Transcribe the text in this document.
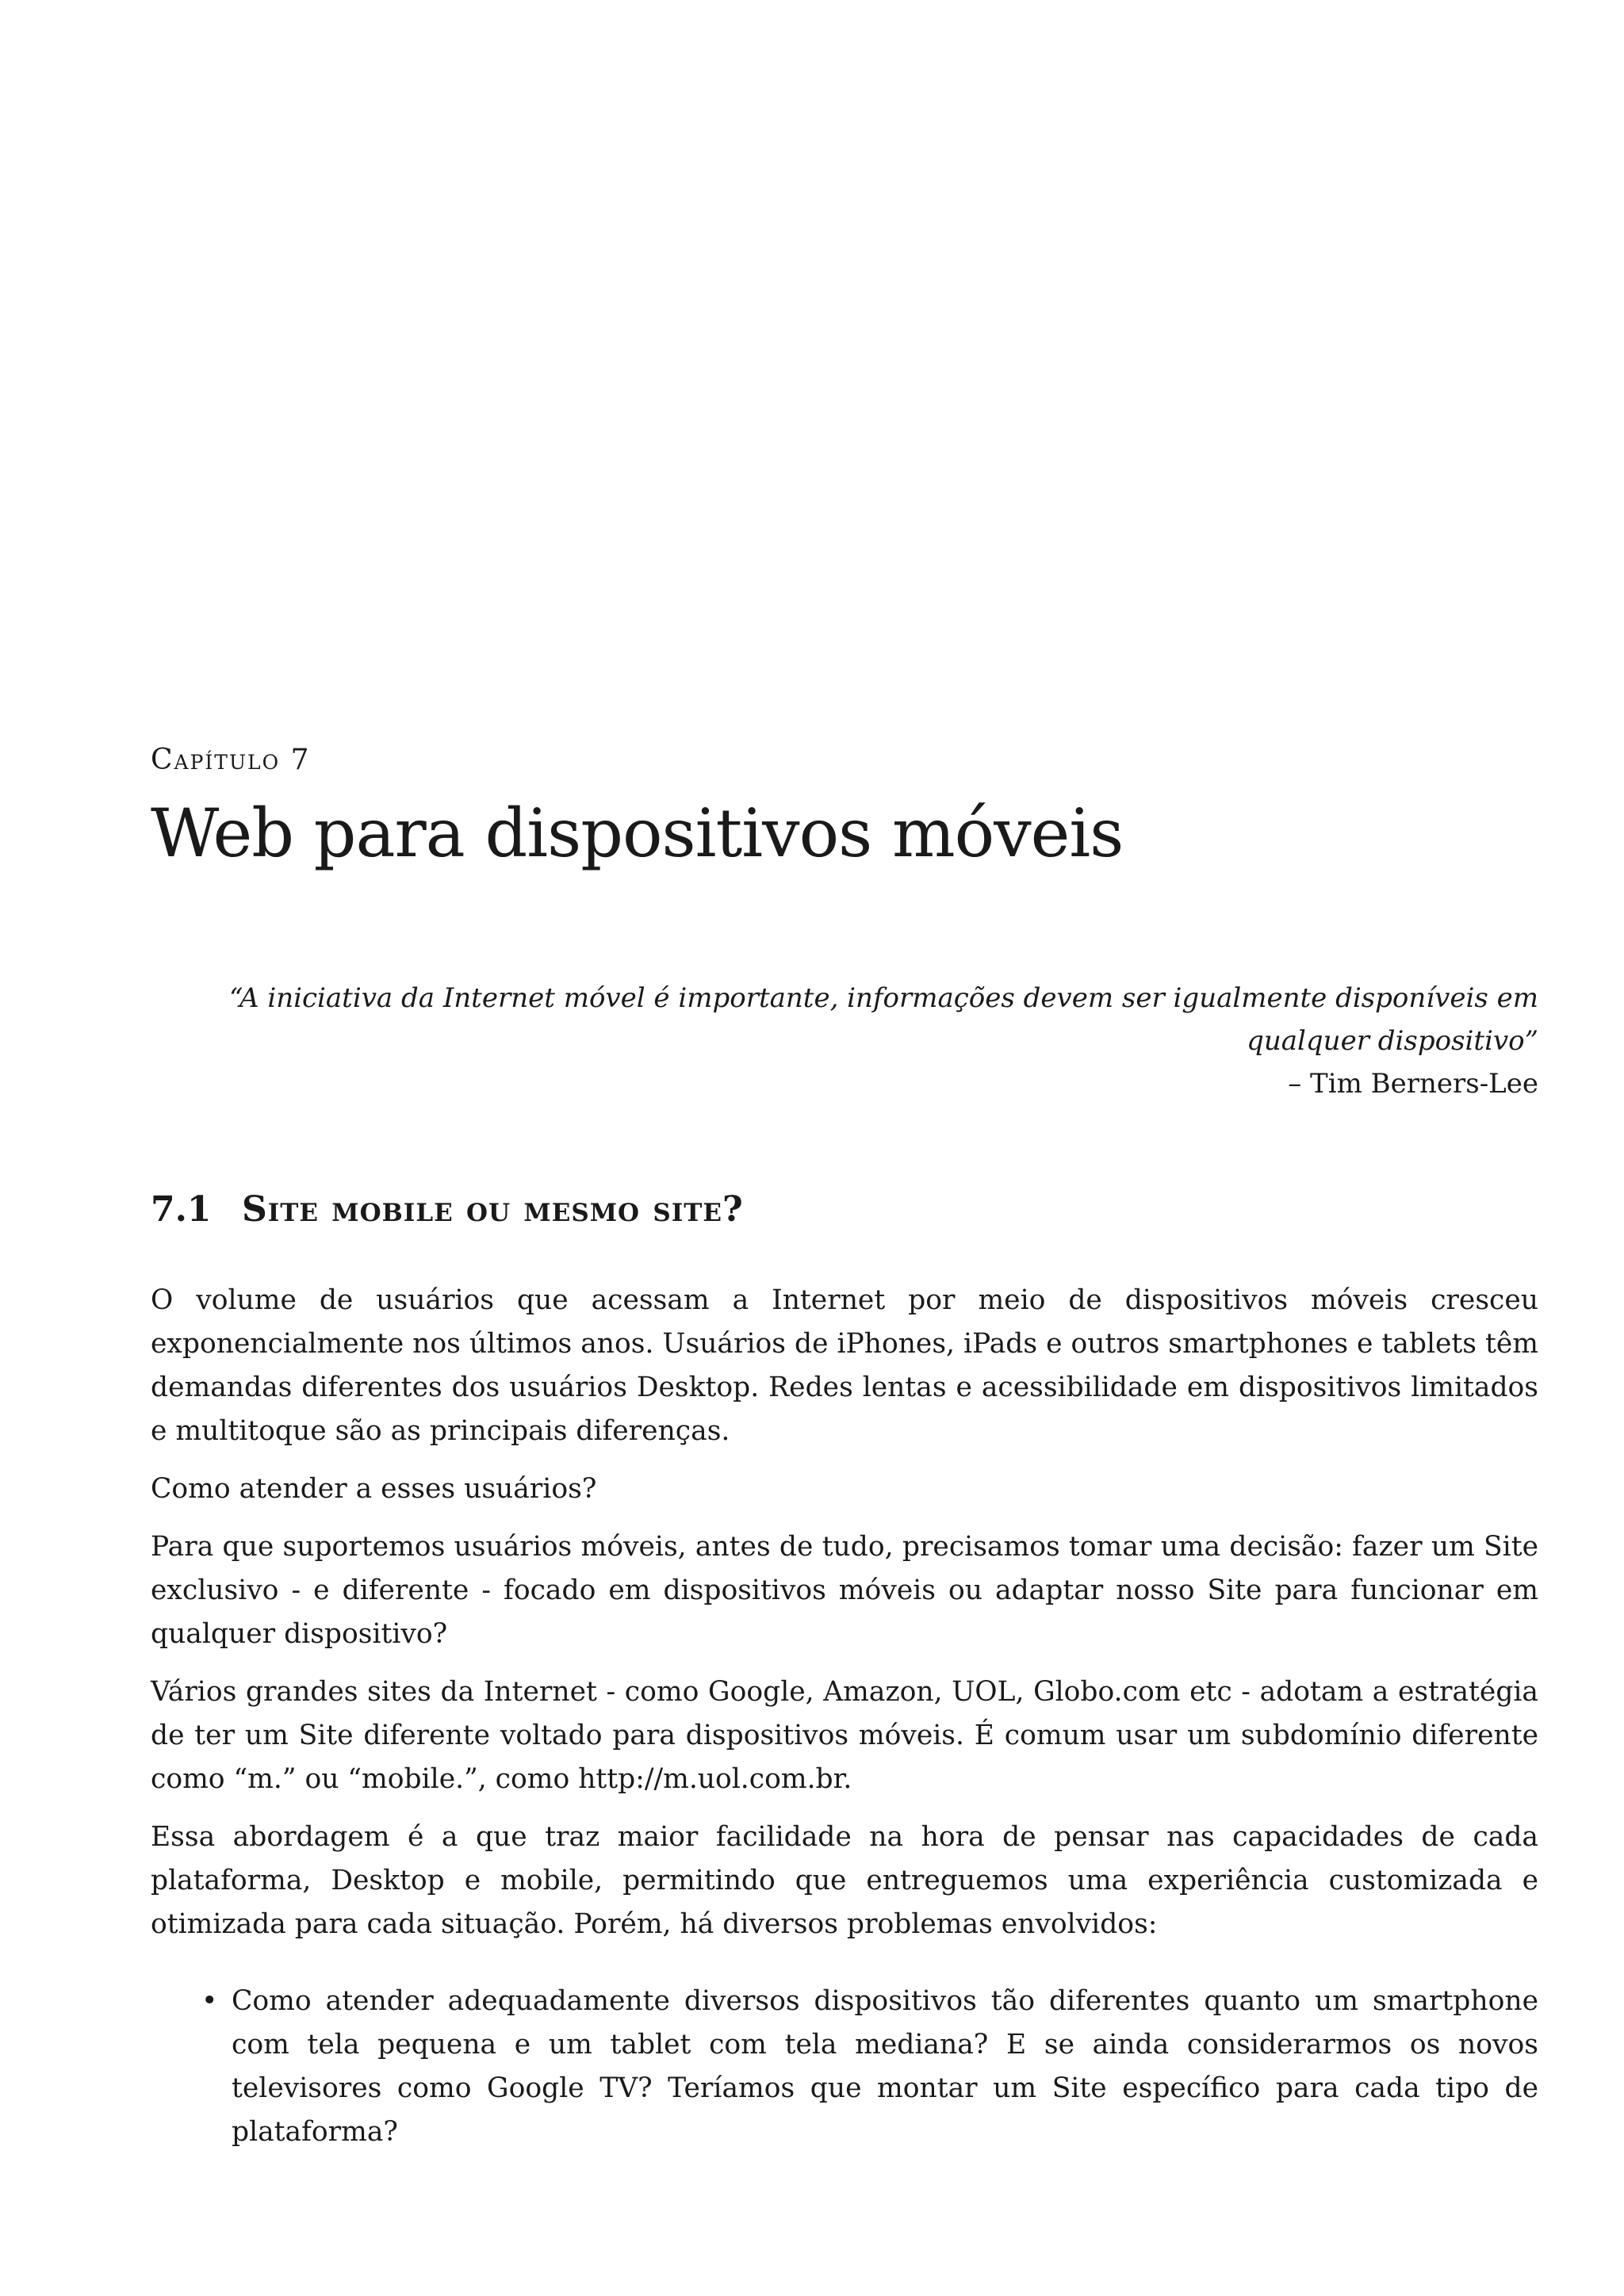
Capítulo 7
Web para dispositivos móveis
“A iniciativa da Internet móvel é importante, informações devem ser igualmente disponíveis em qualquer dispositivo”
– Tim Berners-Lee
7.1 Site mobile ou mesmo site?

O volume de usuários que acessam a Internet por meio de dispositivos móveis cresceu exponencialmente nos últimos anos. Usuários de iPhones, iPads e outros smartphones e tablets têm demandas diferentes dos usuários Desktop. Redes lentas e acessibilidade em dispositivos limitados e multitoque são as principais diferenças.

Como atender a esses usuários?

Para que suportemos usuários móveis, antes de tudo, precisamos tomar uma decisão: fazer um Site exclusivo - e diferente - focado em dispositivos móveis ou adaptar nosso Site para funcionar em qualquer dispositivo?

Vários grandes sites da Internet - como Google, Amazon, UOL, Globo.com etc - adotam a estratégia de ter um Site diferente voltado para dispositivos móveis. É comum usar um subdomínio diferente como “m.” ou “mobile.”, como http://m.uol.com.br.

Essa abordagem é a que traz maior facilidade na hora de pensar nas capacidades de cada plataforma, Desktop e mobile, permitindo que entreguemos uma experiência customizada e otimizada para cada situação. Porém, há diversos problemas envolvidos:

• Como atender adequadamente diversos dispositivos tão diferentes quanto um smartphone com tela pequena e um tablet com tela mediana? E se ainda considerarmos os novos televisores como Google TV? Teríamos que montar um Site específico para cada tipo de plataforma?
